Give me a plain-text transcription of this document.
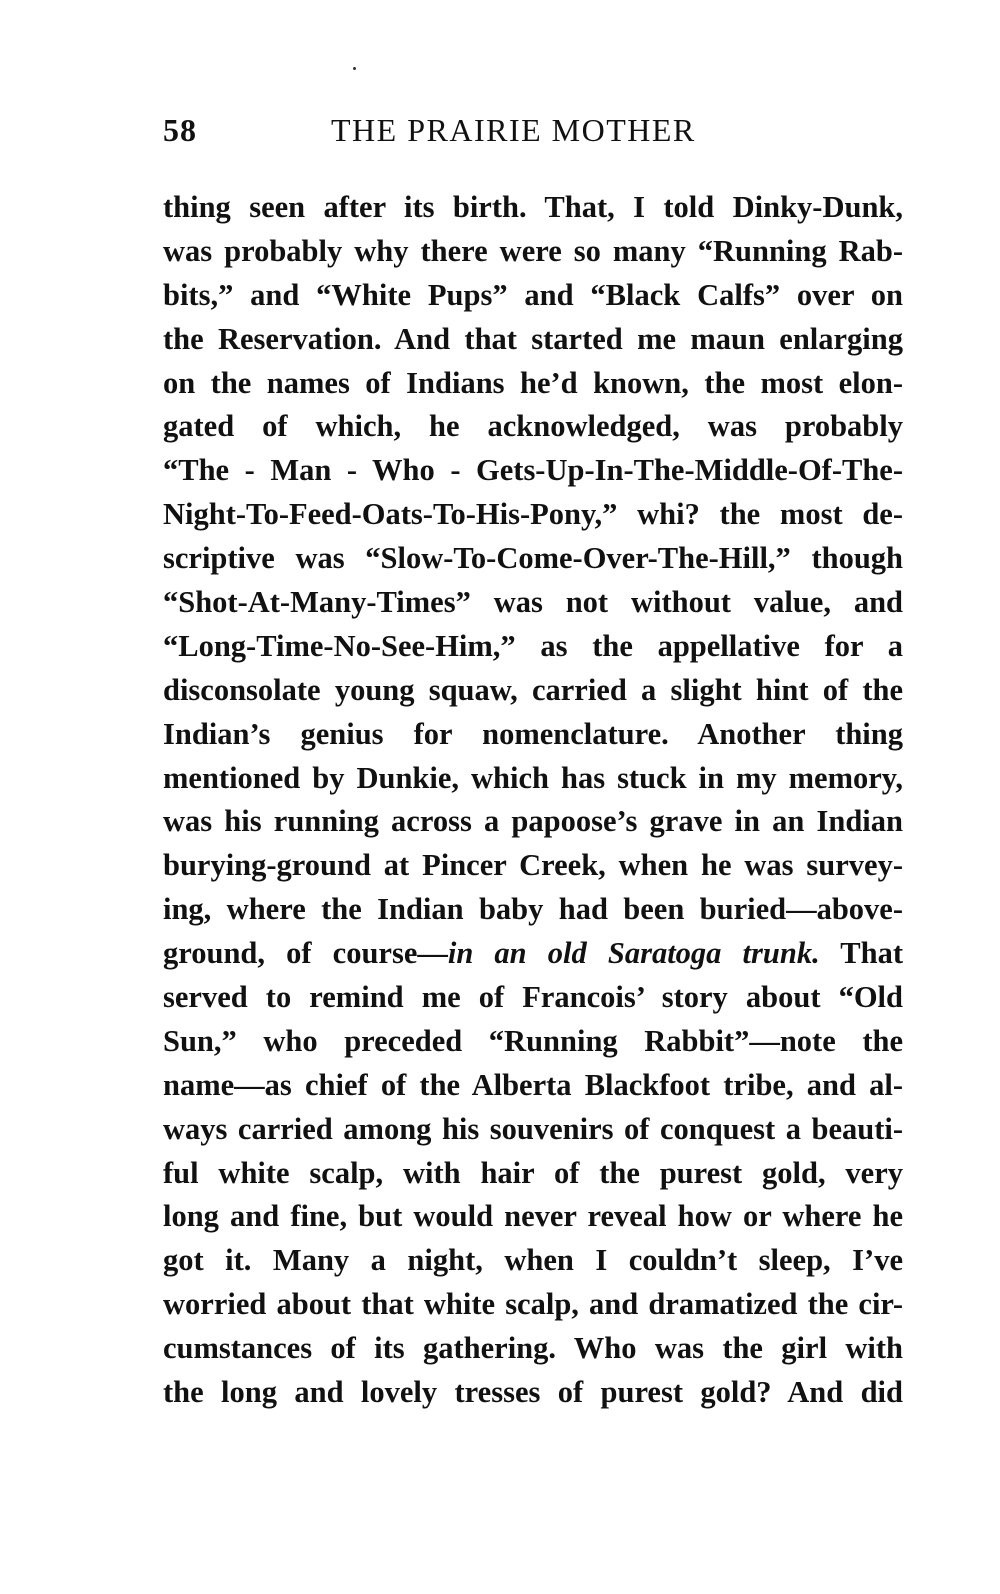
58	THE PRAIRIE MOTHER
thing seen after its birth. That, I told Dinky-Dunk,
was probably why there were so many “Running Rab-
bits,” and “White Pups” and “Black Calfs” over on
the Reservation. And that started me maun enlarging
on the names of Indians he’d known, the most elon-
gated of which, he acknowledged, was probably
“The - Man - Who - Gets-Up-In-The-Middle-Of-The-
Night-To-Feed-Oats-To-His-Pony,” whi? the most de-
scriptive was “Slow-To-Come-Over-The-Hill,” though
“Shot-At-Many-Times” was not without value, and
“Long-Time-No-See-Him,” as the appellative for a
disconsolate young squaw, carried a slight hint of the
Indian’s genius for nomenclature. Another thing
mentioned by Dunkie, which has stuck in my memory,
was his running across a papoose’s grave in an Indian
burying-ground at Pincer Creek, when he was survey-
ing, where the Indian baby had been buried—above-
ground, of course—in an old Saratoga trunk. That
served to remind me of Francois’ story about “Old
Sun,” who preceded “Running Rabbit”—note the
name—as chief of the Alberta Blackfoot tribe, and al-
ways carried among his souvenirs of conquest a beauti-
ful white scalp, with hair of the purest gold, very
long and fine, but would never reveal how or where he
got it. Many a night, when I couldn’t sleep, I’ve
worried about that white scalp, and dramatized the cir-
cumstances of its gathering. Who was the girl with
the long and lovely tresses of purest gold? And did
